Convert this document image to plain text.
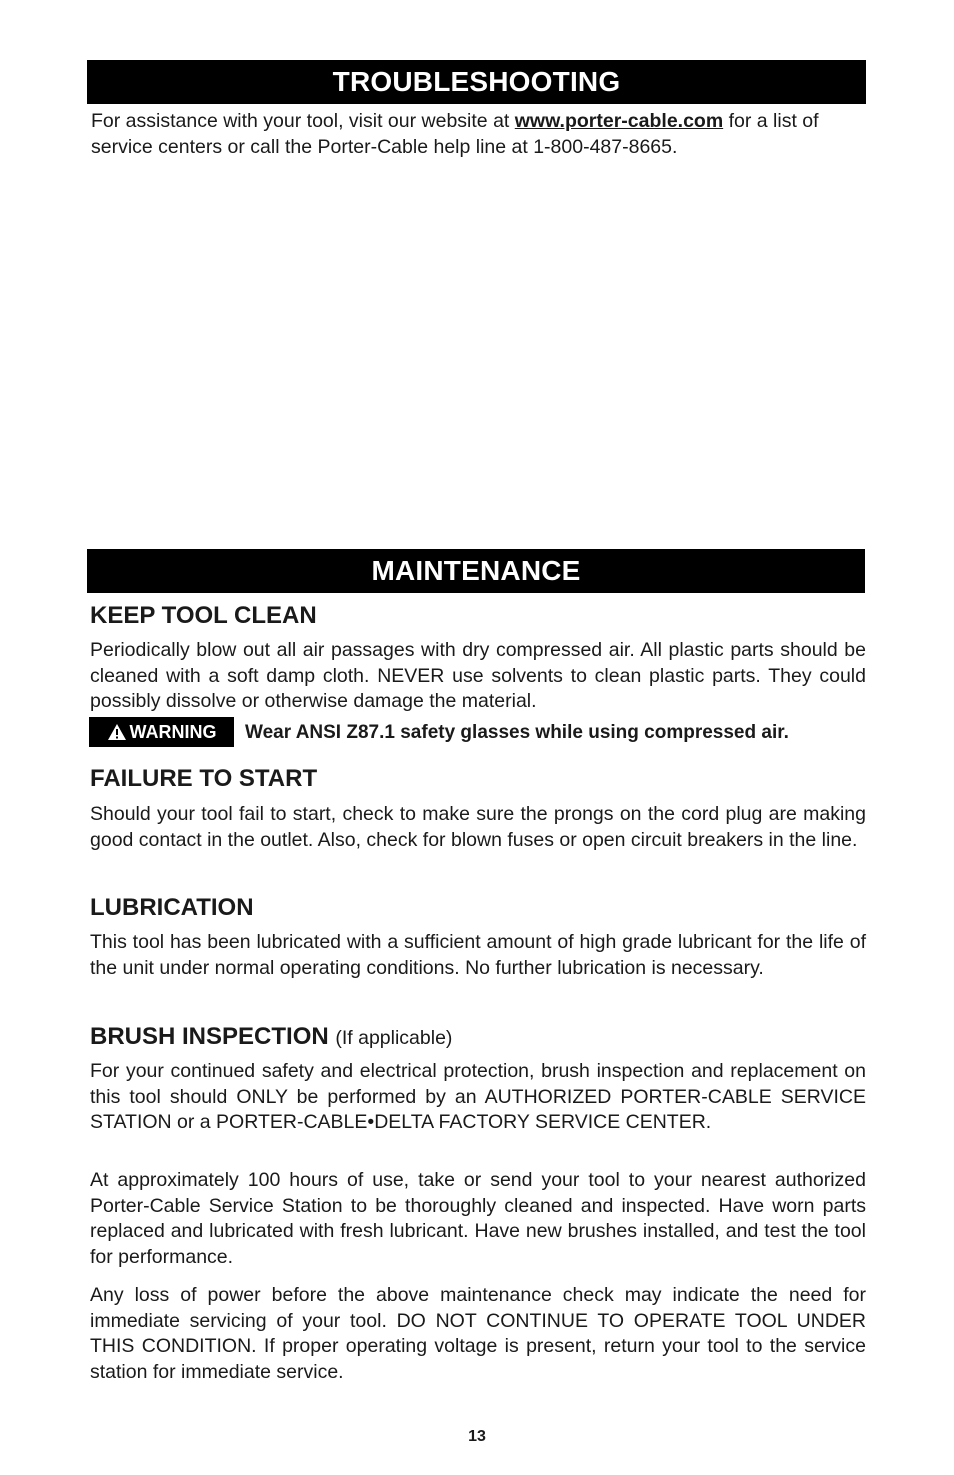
TROUBLESHOOTING

For assistance with your tool, visit our website at www.porter-cable.com for a list of service centers or call the Porter-Cable help line at 1-800-487-8665.

MAINTENANCE
KEEP TOOL CLEAN

Periodically blow out all air passages with dry compressed air. All plastic parts should be cleaned with a soft damp cloth. NEVER use solvents to clean plastic parts. They could possibly dissolve or otherwise damage the material.

WARNING Wear ANSI Z87.1 safety glasses while using compressed air.
FAILURE TO START

Should your tool fail to start, check to make sure the prongs on the cord plug are making good contact in the outlet. Also, check for blown fuses or open circuit breakers in the line.

LUBRICATION

This tool has been lubricated with a sufficient amount of high grade lubricant for the life of the unit under normal operating conditions. No further lubrication is necessary.

BRUSH INSPECTION (If applicable)

For your continued safety and electrical protection, brush inspection and replacement on this tool should ONLY be performed by an AUTHORIZED PORTER-CABLE SERVICE STATION or a PORTER-CABLE•DELTA FACTORY SERVICE CENTER.

At approximately 100 hours of use, take or send your tool to your nearest authorized Porter-Cable Service Station to be thoroughly cleaned and inspected. Have worn parts replaced and lubricated with fresh lubricant. Have new brushes installed, and test the tool for performance.

Any loss of power before the above maintenance check may indicate the need for immediate servicing of your tool. DO NOT CONTINUE TO OPERATE TOOL UNDER THIS CONDITION. If proper operating voltage is present, return your tool to the service station for immediate service.

13
